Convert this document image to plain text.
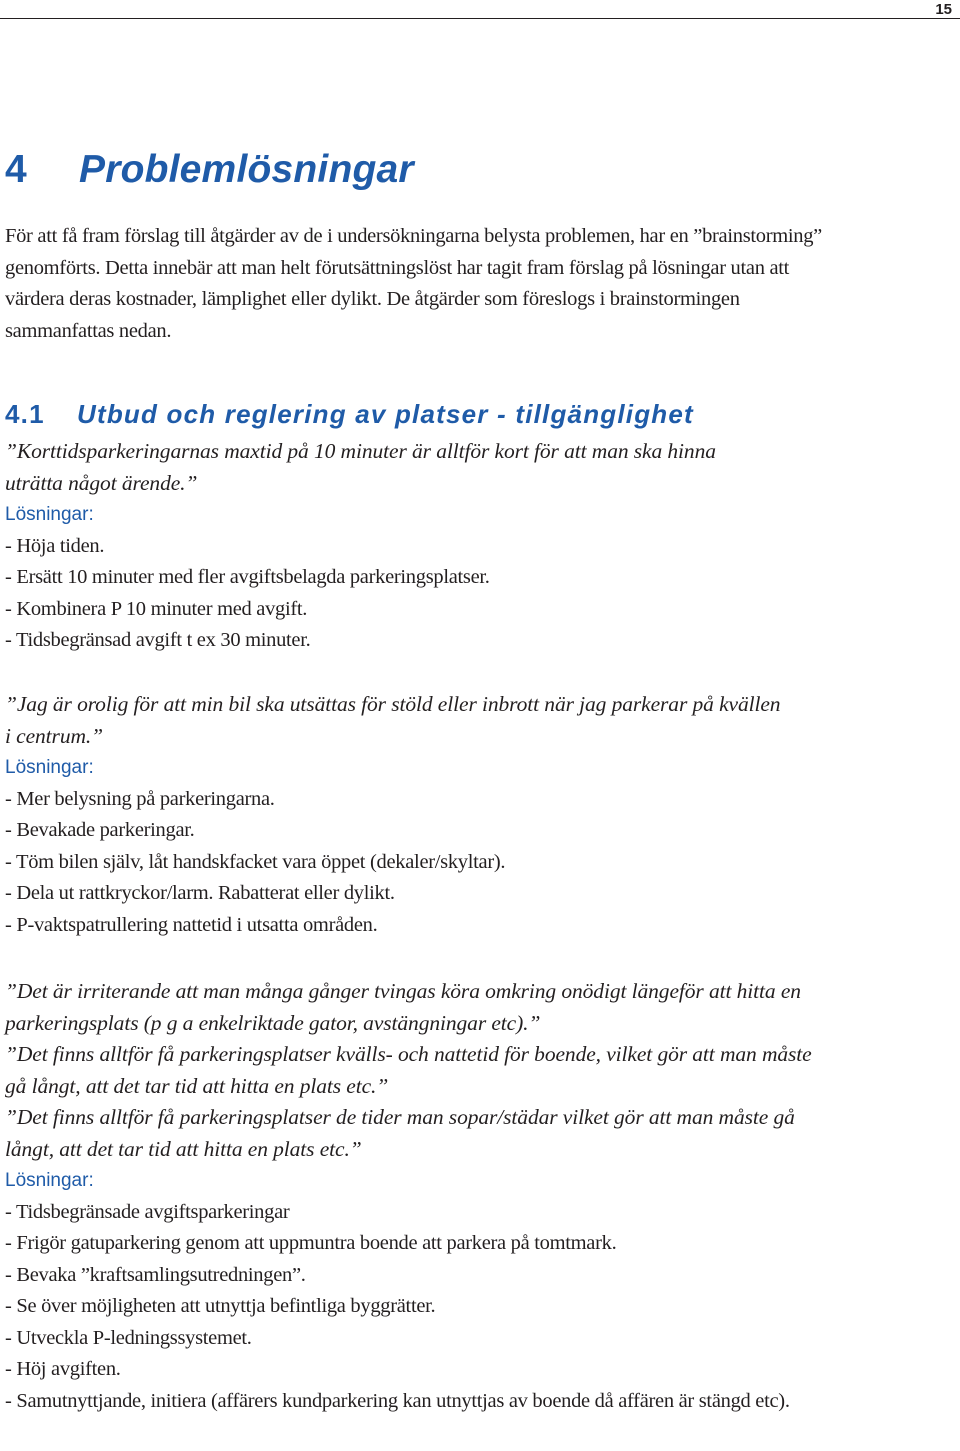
15
4 Problemlösningar

För att få fram förslag till åtgärder av de i undersökningarna belysta problemen, har en ”brainstorming” genomförts. Detta innebär att man helt förutsättningslöst har tagit fram förslag på lösningar utan att värdera deras kostnader, lämplighet eller dylikt. De åtgärder som föreslogs i brainstormingen sammanfattas nedan.

4.1 Utbud och reglering av platser - tillgänglighet

”Korttidsparkeringarnas maxtid på 10 minuter är alltför kort för att man ska hinna uträtta något ärende.”

Lösningar:

- Höja tiden.
- Ersätt 10 minuter med fler avgiftsbelagda parkeringsplatser.
- Kombinera P 10 minuter med avgift.
- Tidsbegränsad avgift t ex 30 minuter.

”Jag är orolig för att min bil ska utsättas för stöld eller inbrott när jag parkerar på kvällen i centrum.”

Lösningar:

- Mer belysning på parkeringarna.
- Bevakade parkeringar.
- Töm bilen själv, låt handskfacket vara öppet (dekaler/skyltar).
- Dela ut rattkryckor/larm. Rabatterat eller dylikt.
- P-vaktspatrullering nattetid i utsatta områden.

”Det är irriterande att man många gånger tvingas köra omkring onödigt längeför att hitta en parkeringsplats (p g a enkelriktade gator, avstängningar etc).”

”Det finns alltför få parkeringsplatser kvälls- och nattetid för boende, vilket gör att man måste gå långt, att det tar tid att hitta en plats etc.”

”Det finns alltför få parkeringsplatser de tider man sopar/städar vilket gör att man måste gå långt, att det tar tid att hitta en plats etc.”

Lösningar:

- Tidsbegränsade avgiftsparkeringar
- Frigör gatuparkering genom att uppmuntra boende att parkera på tomtmark.
- Bevaka ”kraftsamlingsutredningen”.
- Se över möjligheten att utnyttja befintliga byggrätter.
- Utveckla P-ledningssystemet.
- Höj avgiften.
- Samutnyttjande, initiera (affärers kundparkering kan utnyttjas av boende då affären är stängd etc).
